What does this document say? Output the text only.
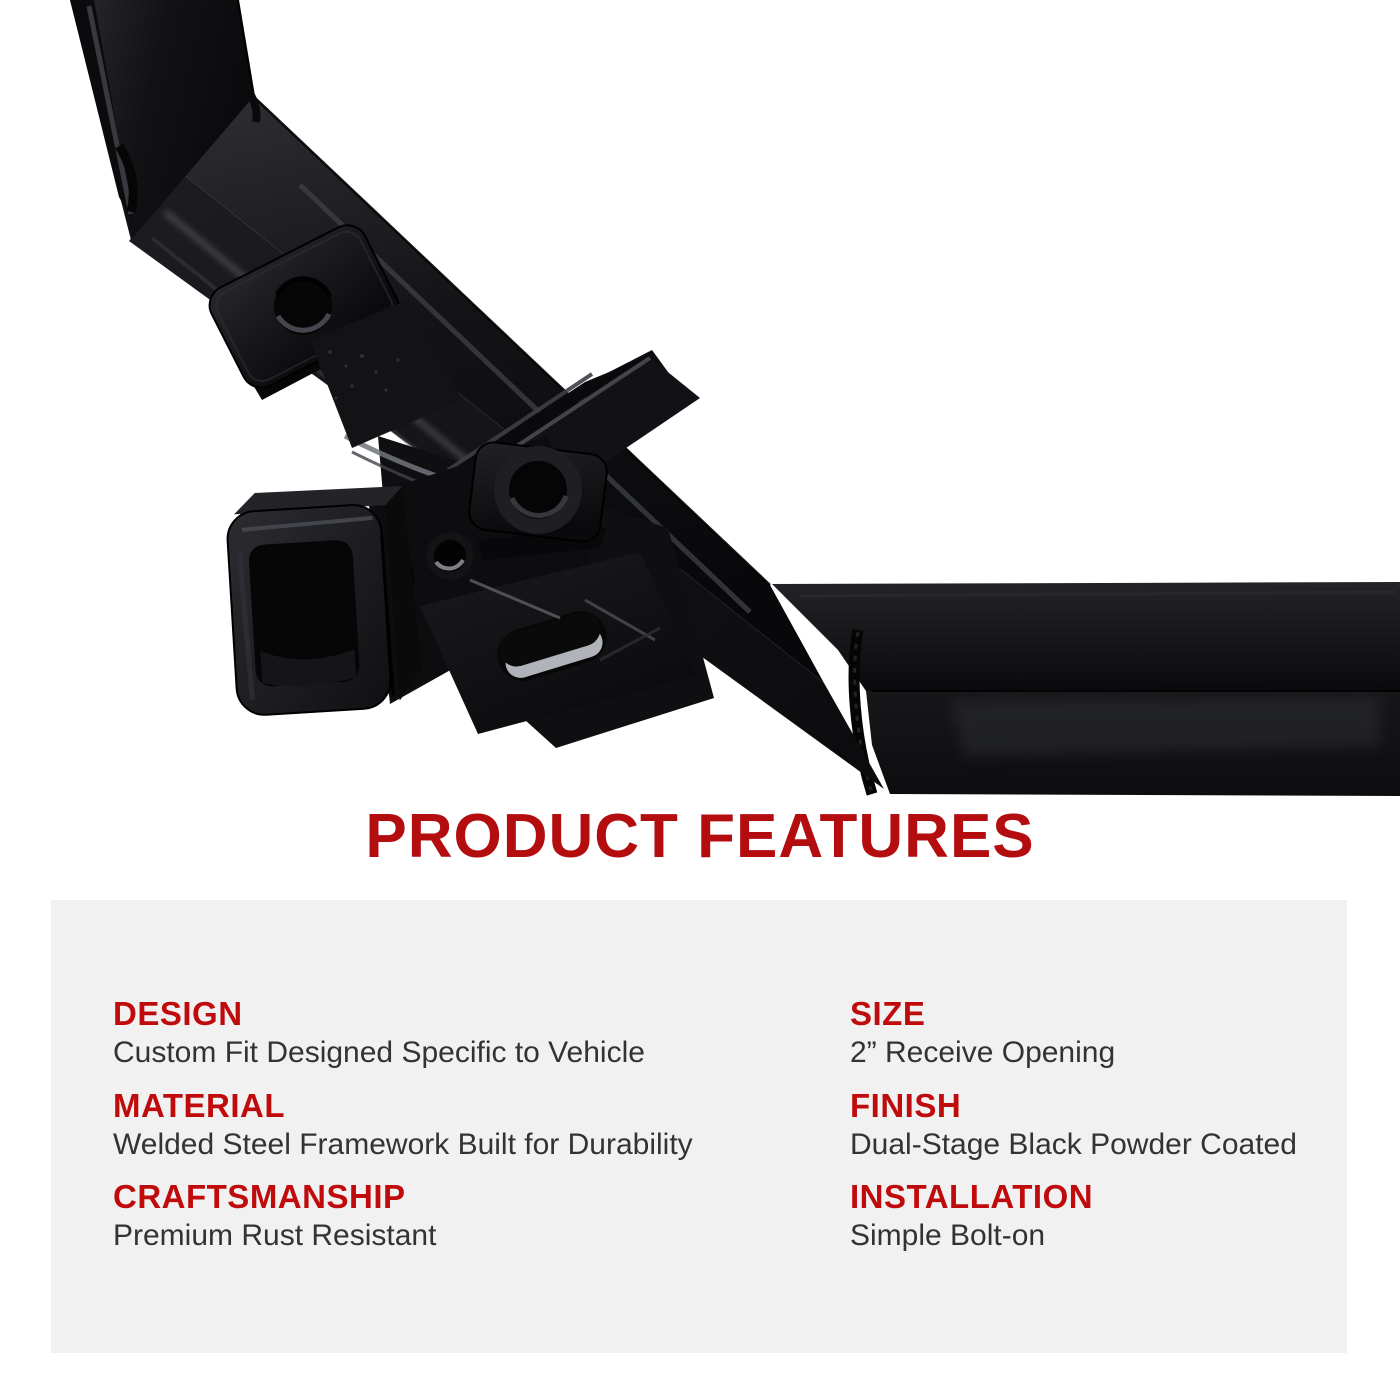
PRODUCT FEATURES
DESIGN
Custom Fit Designed Specific to Vehicle
MATERIAL
Welded Steel Framework Built for Durability
CRAFTSMANSHIP
Premium Rust Resistant
SIZE
2” Receive Opening
FINISH
Dual-Stage Black Powder Coated
INSTALLATION
Simple Bolt-on
